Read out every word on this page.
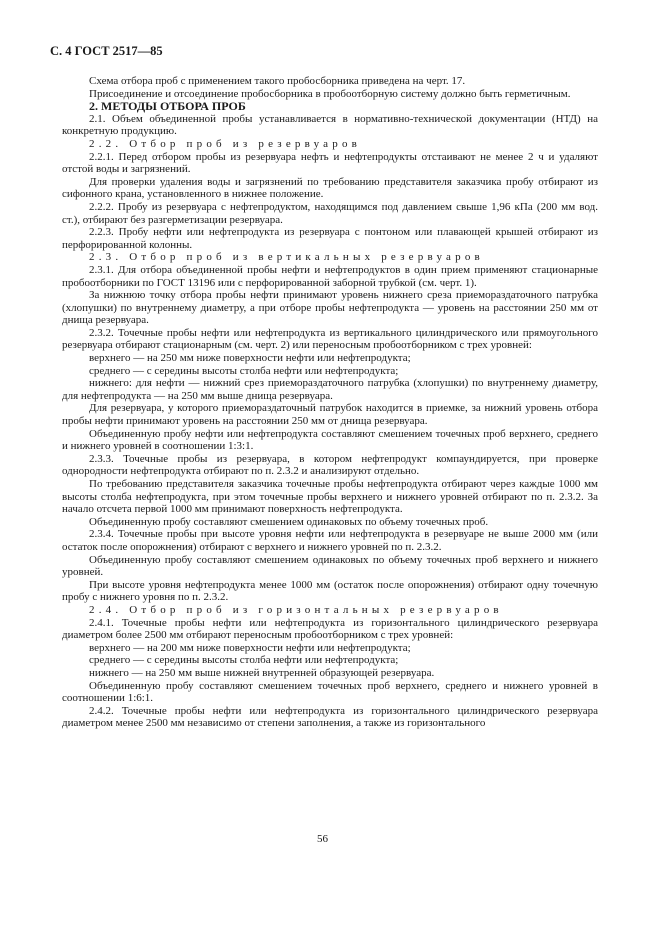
С. 4 ГОСТ 2517—85

Схема отбора проб с применением такого пробосборника приведена на черт. 17.

Присоединение и отсоединение пробосборника в пробоотборную систему должно быть герметичным.

2. МЕТОДЫ ОТБОРА ПРОБ

2.1. Объем объединенной пробы устанавливается в нормативно-технической документации (НТД) на конкретную продукцию.

2.2. Отбор проб из резервуаров

2.2.1. Перед отбором пробы из резервуара нефть и нефтепродукты отстаивают не менее 2 ч и удаляют отстой воды и загрязнений.

Для проверки удаления воды и загрязнений по требованию представителя заказчика пробу отбирают из сифонного крана, установленного в нижнее положение.

2.2.2. Пробу из резервуара с нефтепродуктом, находящимся под давлением свыше 1,96 кПа (200 мм вод. ст.), отбирают без разгерметизации резервуара.

2.2.3. Пробу нефти или нефтепродукта из резервуара с понтоном или плавающей крышей отбирают из перфорированной колонны.

2.3. Отбор проб из вертикальных резервуаров

2.3.1. Для отбора объединенной пробы нефти и нефтепродуктов в один прием применяют стационарные пробоотборники по ГОСТ 13196 или с перфорированной заборной трубкой (см. черт. 1).

За нижнюю точку отбора пробы нефти принимают уровень нижнего среза приемораздаточного патрубка (хлопушки) по внутреннему диаметру, а при отборе пробы нефтепродукта — уровень на расстоянии 250 мм от днища резервуара.

2.3.2. Точечные пробы нефти или нефтепродукта из вертикального цилиндрического или прямоугольного резервуара отбирают стационарным (см. черт. 2) или переносным пробоотборником с трех уровней:

верхнего — на 250 мм ниже поверхности нефти или нефтепродукта;

среднего — с середины высоты столба нефти или нефтепродукта;

нижнего: для нефти — нижний срез приемораздаточного патрубка (хлопушки) по внутреннему диаметру, для нефтепродукта — на 250 мм выше днища резервуара.

Для резервуара, у которого приемораздаточный патрубок находится в приемке, за нижний уровень отбора пробы нефти принимают уровень на расстоянии 250 мм от днища резервуара.

Объединенную пробу нефти или нефтепродукта составляют смешением точечных проб верхнего, среднего и нижнего уровней в соотношении 1:3:1.

2.3.3. Точечные пробы из резервуара, в котором нефтепродукт компаундируется, при проверке однородности нефтепродукта отбирают по п. 2.3.2 и анализируют отдельно.

По требованию представителя заказчика точечные пробы нефтепродукта отбирают через каждые 1000 мм высоты столба нефтепродукта, при этом точечные пробы верхнего и нижнего уровней отбирают по п. 2.3.2. За начало отсчета первой 1000 мм принимают поверхность нефтепродукта.

Объединенную пробу составляют смешением одинаковых по объему точечных проб.

2.3.4. Точечные пробы при высоте уровня нефти или нефтепродукта в резервуаре не выше 2000 мм (или остаток после опорожнения) отбирают с верхнего и нижнего уровней по п. 2.3.2.

Объединенную пробу составляют смешением одинаковых по объему точечных проб верхнего и нижнего уровней.

При высоте уровня нефтепродукта менее 1000 мм (остаток после опорожнения) отбирают одну точечную пробу с нижнего уровня по п. 2.3.2.

2.4. Отбор проб из горизонтальных резервуаров

2.4.1. Точечные пробы нефти или нефтепродукта из горизонтального цилиндрического резервуара диаметром более 2500 мм отбирают переносным пробоотборником с трех уровней:

верхнего — на 200 мм ниже поверхности нефти или нефтепродукта;

среднего — с середины высоты столба нефти или нефтепродукта;

нижнего — на 250 мм выше нижней внутренней образующей резервуара.

Объединенную пробу составляют смешением точечных проб верхнего, среднего и нижнего уровней в соотношении 1:6:1.

2.4.2. Точечные пробы нефти или нефтепродукта из горизонтального цилиндрического резервуара диаметром менее 2500 мм независимо от степени заполнения, а также из горизонтального

56
